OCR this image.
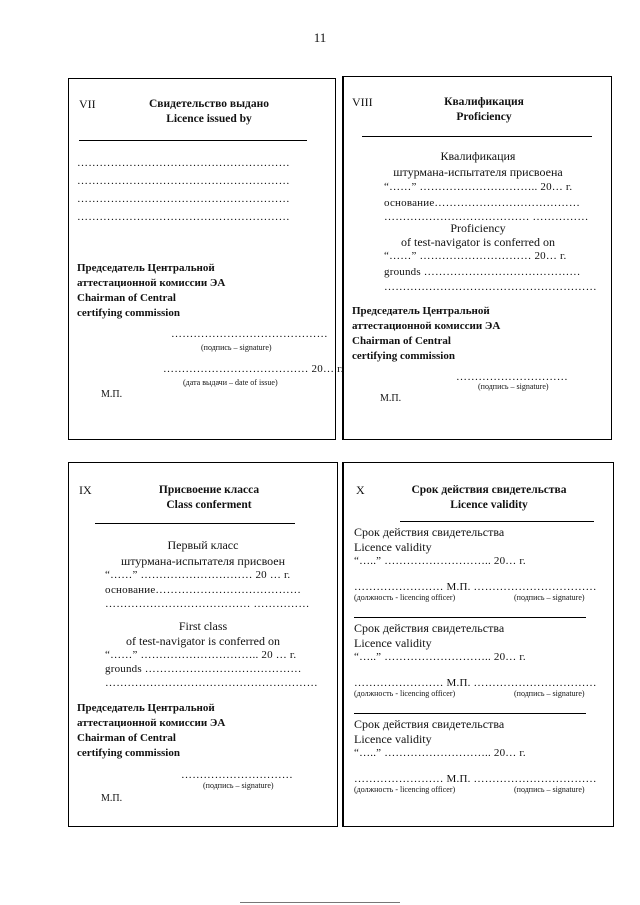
11
VII	Свидетельство выдано
Licence issued by
…………………………………………………
…………………………………………………
…………………………………………………
…………………………………………………
Председатель Центральной
аттестационной комиссии ЭА
Chairman of Central
certifying commission
……………………………………
(подпись – signature)
………………………………… 20… г.
(дата выдачи – date of issue)
М.П.
VIII	Квалификация
Proficiency
Квалификация
штурмана-испытателя присвоена
“……” ………………………….. 20… г.
основание…………………………………
………………………………… ……………
Proficiency
of test-navigator is conferred on
“……” ………………………… 20… г.
grounds ……………………………………
…………………………………………………
Председатель Центральной
аттестационной комиссии ЭА
Chairman of Central
certifying commission
…………………………
(подпись – signature)
М.П.
IX	Присвоение класса
Class conferment
Первый класс
штурмана-испытателя присвоен
“……” ………………………… 20 … г.
основание…………………………………
………………………………… ……………
First class
of test-navigator is conferred on
“……” ………………………….. 20 … г.
grounds ……………………………………
…………………………………………………
Председатель Центральной
аттестационной комиссии ЭА
Chairman of Central
certifying commission
…………………………
(подпись – signature)
М.П.
X	Срок действия свидетельства
Licence validity
Срок действия свидетельства
Licence validity
“…..” ……………………….. 20… г.
…………………… М.П. ……………………………
(должность - licencing officer)	(подпись – signature)
Срок действия свидетельства
Licence validity
“…..” ……………………….. 20… г.
…………………… М.П. ……………………………
(должность - licencing officer)	(подпись – signature)
Срок действия свидетельства
Licence validity
“…..” ……………………….. 20… г.
…………………… М.П. ……………………………
(должность - licencing officer)	(подпись – signature)
